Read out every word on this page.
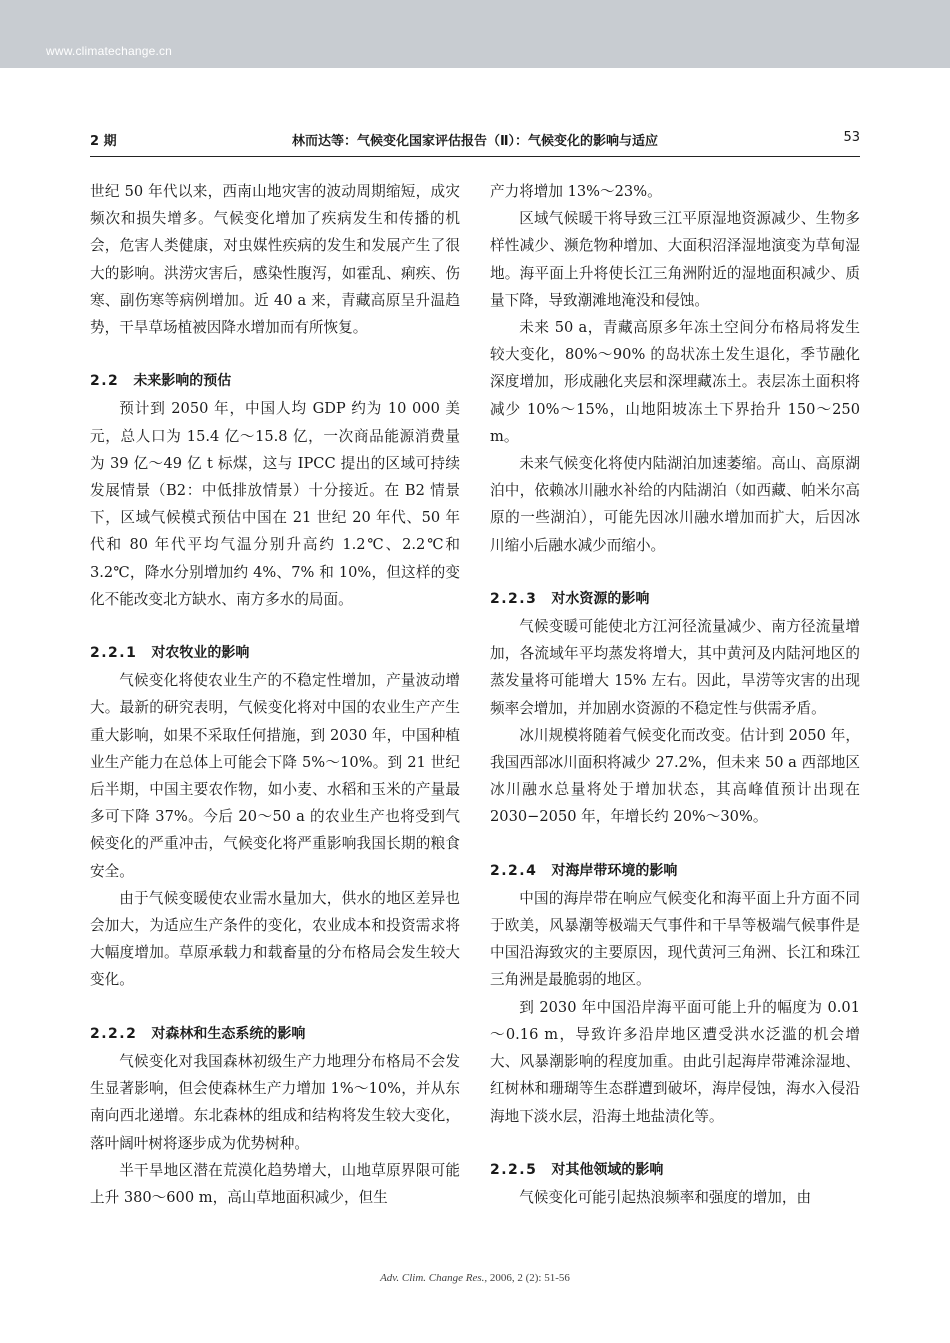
www.climatechange.cn
2 期	林而达等：气候变化国家评估报告（Ⅱ）：气候变化的影响与适应	53

世纪 50 年代以来，西南山地灾害的波动周期缩短，成灾频次和损失增多。气候变化增加了疾病发生和传播的机会，危害人类健康，对虫媒性疾病的发生和发展产生了很大的影响。洪涝灾害后，感染性腹泻，如霍乱、痢疾、伤寒、副伤寒等病例增加。近 40 a 来，青藏高原呈升温趋势，干旱草场植被因降水增加而有所恢复。

2.2 未来影响的预估

预计到 2050 年，中国人均 GDP 约为 10 000 美元，总人口为 15.4 亿～15.8 亿，一次商品能源消费量为 39 亿～49 亿 t 标煤，这与 IPCC 提出的区域可持续发展情景（B2：中低排放情景）十分接近。在 B2 情景下，区域气候模式预估中国在 21 世纪 20 年代、50 年代和 80 年代平均气温分别升高约 1.2℃、2.2℃和 3.2℃，降水分别增加约 4%、7% 和 10%，但这样的变化不能改变北方缺水、南方多水的局面。

2.2.1 对农牧业的影响

气候变化将使农业生产的不稳定性增加，产量波动增大。最新的研究表明，气候变化将对中国的农业生产产生重大影响，如果不采取任何措施，到 2030 年，中国种植业生产能力在总体上可能会下降 5%～10%。到 21 世纪后半期，中国主要农作物，如小麦、水稻和玉米的产量最多可下降 37%。今后 20～50 a 的农业生产也将受到气候变化的严重冲击，气候变化将严重影响我国长期的粮食安全。

由于气候变暖使农业需水量加大，供水的地区差异也会加大，为适应生产条件的变化，农业成本和投资需求将大幅度增加。草原承载力和载畜量的分布格局会发生较大变化。

2.2.2 对森林和生态系统的影响

气候变化对我国森林初级生产力地理分布格局不会发生显著影响，但会使森林生产力增加 1%～10%，并从东南向西北递增。东北森林的组成和结构将发生较大变化，落叶阔叶树将逐步成为优势树种。

半干旱地区潜在荒漠化趋势增大，山地草原界限可能上升 380～600 m，高山草地面积减少，但生

产力将增加 13%～23%。

区域气候暖干将导致三江平原湿地资源减少、生物多样性减少、濒危物种增加、大面积沼泽湿地演变为草甸湿地。海平面上升将使长江三角洲附近的湿地面积减少、质量下降，导致潮滩地淹没和侵蚀。

未来 50 a，青藏高原多年冻土空间分布格局将发生较大变化，80%～90% 的岛状冻土发生退化，季节融化深度增加，形成融化夹层和深埋藏冻土。表层冻土面积将减少 10%～15%，山地阳坡冻土下界抬升 150～250 m。

未来气候变化将使内陆湖泊加速萎缩。高山、高原湖泊中，依赖冰川融水补给的内陆湖泊（如西藏、帕米尔高原的一些湖泊），可能先因冰川融水增加而扩大，后因冰川缩小后融水减少而缩小。

2.2.3 对水资源的影响

气候变暖可能使北方江河径流量减少、南方径流量增加，各流域年平均蒸发将增大，其中黄河及内陆河地区的蒸发量将可能增大 15% 左右。因此，旱涝等灾害的出现频率会增加，并加剧水资源的不稳定性与供需矛盾。

冰川规模将随着气候变化而改变。估计到 2050 年，我国西部冰川面积将减少 27.2%，但未来 50 a 西部地区冰川融水总量将处于增加状态，其高峰值预计出现在 2030−2050 年，年增长约 20%～30%。

2.2.4 对海岸带环境的影响

中国的海岸带在响应气候变化和海平面上升方面不同于欧美，风暴潮等极端天气事件和干旱等极端气候事件是中国沿海致灾的主要原因，现代黄河三角洲、长江和珠江三角洲是最脆弱的地区。

到 2030 年中国沿岸海平面可能上升的幅度为 0.01～0.16 m，导致许多沿岸地区遭受洪水泛滥的机会增大、风暴潮影响的程度加重。由此引起海岸带滩涂湿地、红树林和珊瑚等生态群遭到破坏，海岸侵蚀，海水入侵沿海地下淡水层，沿海土地盐渍化等。

2.2.5 对其他领域的影响

气候变化可能引起热浪频率和强度的增加，由

Adv. Clim. Change Res., 2006, 2 (2): 51-56
